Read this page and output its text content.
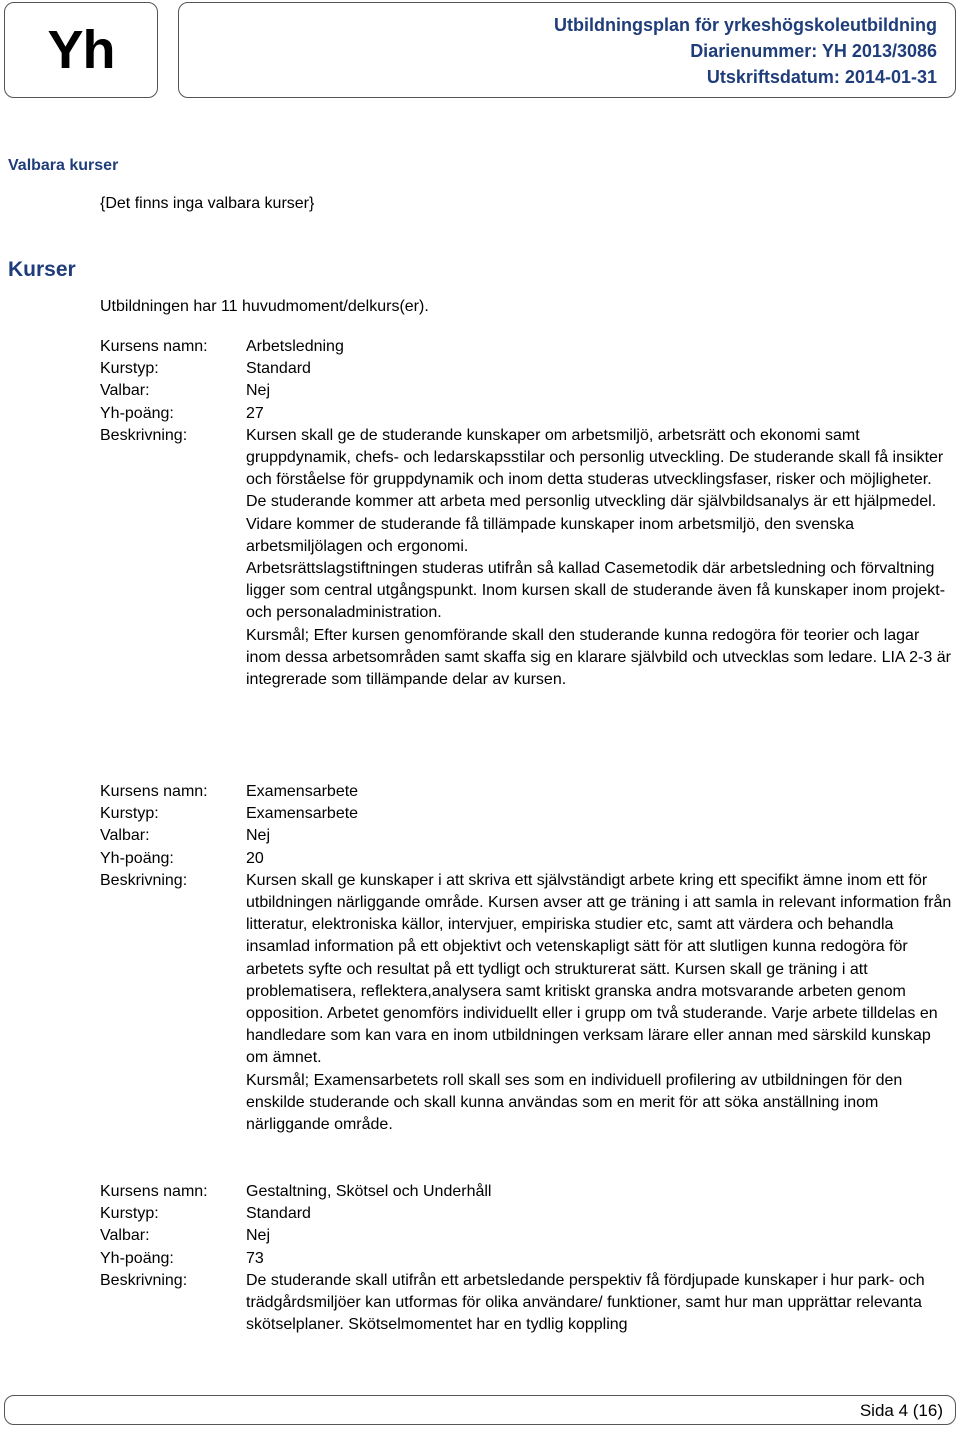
Yh	Utbildningsplan för yrkeshögskoleutbildning
Diarienummer: YH 2013/3086
Utskriftsdatum: 2014-01-31
Valbara kurser
{Det finns inga valbara kurser}
Kurser
Utbildningen har 11 huvudmoment/delkurs(er).
Kursens namn:	Arbetsledning
Kurstyp:	Standard
Valbar:	Nej
Yh-poäng:	27
Beskrivning:	Kursen skall ge de studerande kunskaper om arbetsmiljö, arbetsrätt och ekonomi samt gruppdynamik, chefs- och ledarskapsstilar och personlig utveckling. De studerande skall få insikter och förståelse för gruppdynamik och inom detta studeras utvecklingsfaser, risker och möjligheter. De studerande kommer att arbeta med personlig utveckling där självbildsanalys är ett hjälpmedel. Vidare kommer de studerande få tillämpade kunskaper inom arbetsmiljö, den svenska arbetsmiljölagen och ergonomi.

Arbetsrättslagstiftningen studeras utifrån så kallad Casemetodik där arbetsledning och förvaltning ligger som central utgångspunkt. Inom kursen skall de studerande även få kunskaper inom projekt- och personaladministration.

Kursmål; Efter kursen genomförande skall den studerande kunna redogöra för teorier och lagar inom dessa arbetsområden samt skaffa sig en klarare självbild och utvecklas som ledare. LIA 2-3 är integrerade som tillämpande delar av kursen.

Kursens namn:	Examensarbete
Kurstyp:	Examensarbete
Valbar:	Nej
Yh-poäng:	20
Beskrivning:	Kursen skall ge kunskaper i att skriva ett självständigt arbete kring ett specifikt ämne inom ett för utbildningen närliggande område. Kursen avser att ge träning i att samla in relevant information från litteratur, elektroniska källor, intervjuer, empiriska studier etc, samt att värdera och behandla insamlad information på ett objektivt och vetenskapligt sätt för att slutligen kunna redogöra för arbetets syfte och resultat på ett tydligt och strukturerat sätt. Kursen skall ge träning i att problematisera, reflektera,analysera samt kritiskt granska andra motsvarande arbeten genom opposition. Arbetet genomförs individuellt eller i grupp om två studerande. Varje arbete tilldelas en handledare som kan vara en inom utbildningen verksam lärare eller annan med särskild kunskap om ämnet.

Kursmål; Examensarbetets roll skall ses som en individuell profilering av utbildningen för den enskilde studerande och skall kunna användas som en merit för att söka anställning inom närliggande område.

Kursens namn:	Gestaltning, Skötsel och Underhåll
Kurstyp:	Standard
Valbar:	Nej
Yh-poäng:	73
Beskrivning:	De studerande skall utifrån ett arbetsledande perspektiv få fördjupade kunskaper i hur park- och trädgårdsmiljöer kan utformas för olika användare/ funktioner, samt hur man upprättar relevanta skötselplaner. Skötselmomentet har en tydlig koppling

Sida 4 (16)
